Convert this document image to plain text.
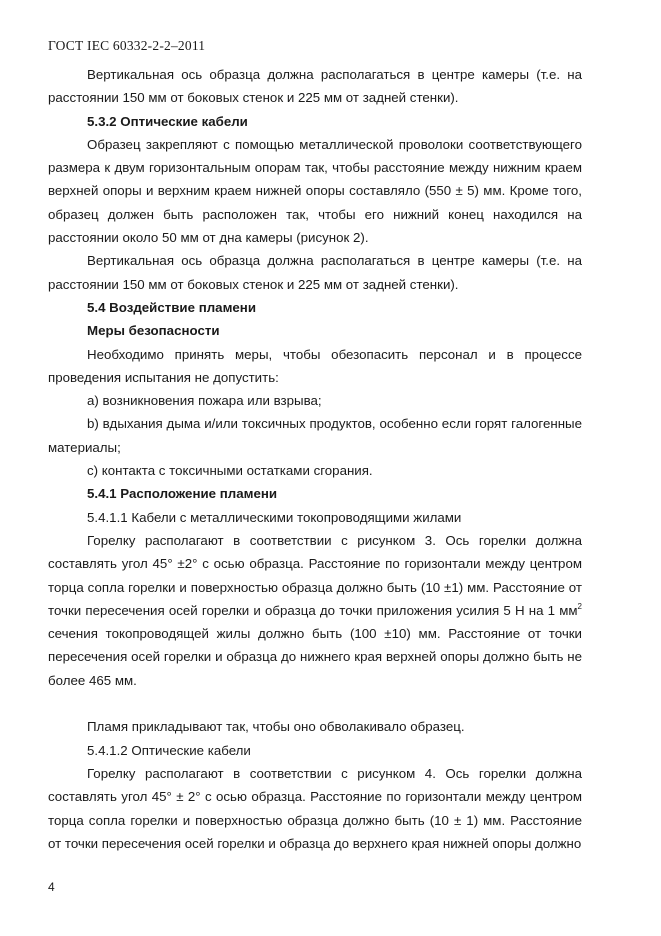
ГОСТ IEC 60332-2-2–2011

Вертикальная ось образца должна располагаться в центре камеры (т.е. на расстоянии 150 мм от боковых стенок и 225 мм от задней стенки).

5.3.2 Оптические кабели

Образец закрепляют с помощью металлической проволоки соответствующего размера к двум горизонтальным опорам так, чтобы расстояние между нижним краем верхней опоры и верхним краем нижней опоры составляло (550 ± 5) мм. Кроме того, образец должен быть расположен так, чтобы его нижний конец находился на расстоянии около 50 мм от дна камеры (рисунок 2).

Вертикальная ось образца должна располагаться в центре камеры (т.е. на расстоянии 150 мм от боковых стенок и 225 мм от задней стенки).

5.4 Воздействие пламени

Меры безопасности

Необходимо принять меры, чтобы обезопасить персонал и в процессе проведения испытания не допустить:

а) возникновения пожара или взрыва;

b) вдыхания дыма и/или токсичных продуктов, особенно если горят галогенные материалы;

c) контакта с токсичными остатками сгорания.

5.4.1 Расположение пламени

5.4.1.1 Кабели с металлическими токопроводящими жилами

Горелку располагают в соответствии с рисунком 3. Ось горелки должна составлять угол 45° ±2° с осью образца. Расстояние по горизонтали между центром торца сопла горелки и поверхностью образца должно быть (10 ±1) мм. Расстояние от точки пересечения осей горелки и образца до точки приложения усилия 5 Н на 1 $мм^2$ сечения токопроводящей жилы должно быть (100 ±10) мм. Расстояние от точки пересечения осей горелки и образца до нижнего края верхней опоры должно быть не более 465 мм.

Пламя прикладывают так, чтобы оно обволакивало образец.

5.4.1.2 Оптические кабели

Горелку располагают в соответствии с рисунком 4. Ось горелки должна составлять угол 45° ± 2° с осью образца. Расстояние по горизонтали между центром торца сопла горелки и поверхностью образца должно быть (10 ± 1) мм. Расстояние от точки пересечения осей горелки и образца до верхнего края нижней опоры должно

4
